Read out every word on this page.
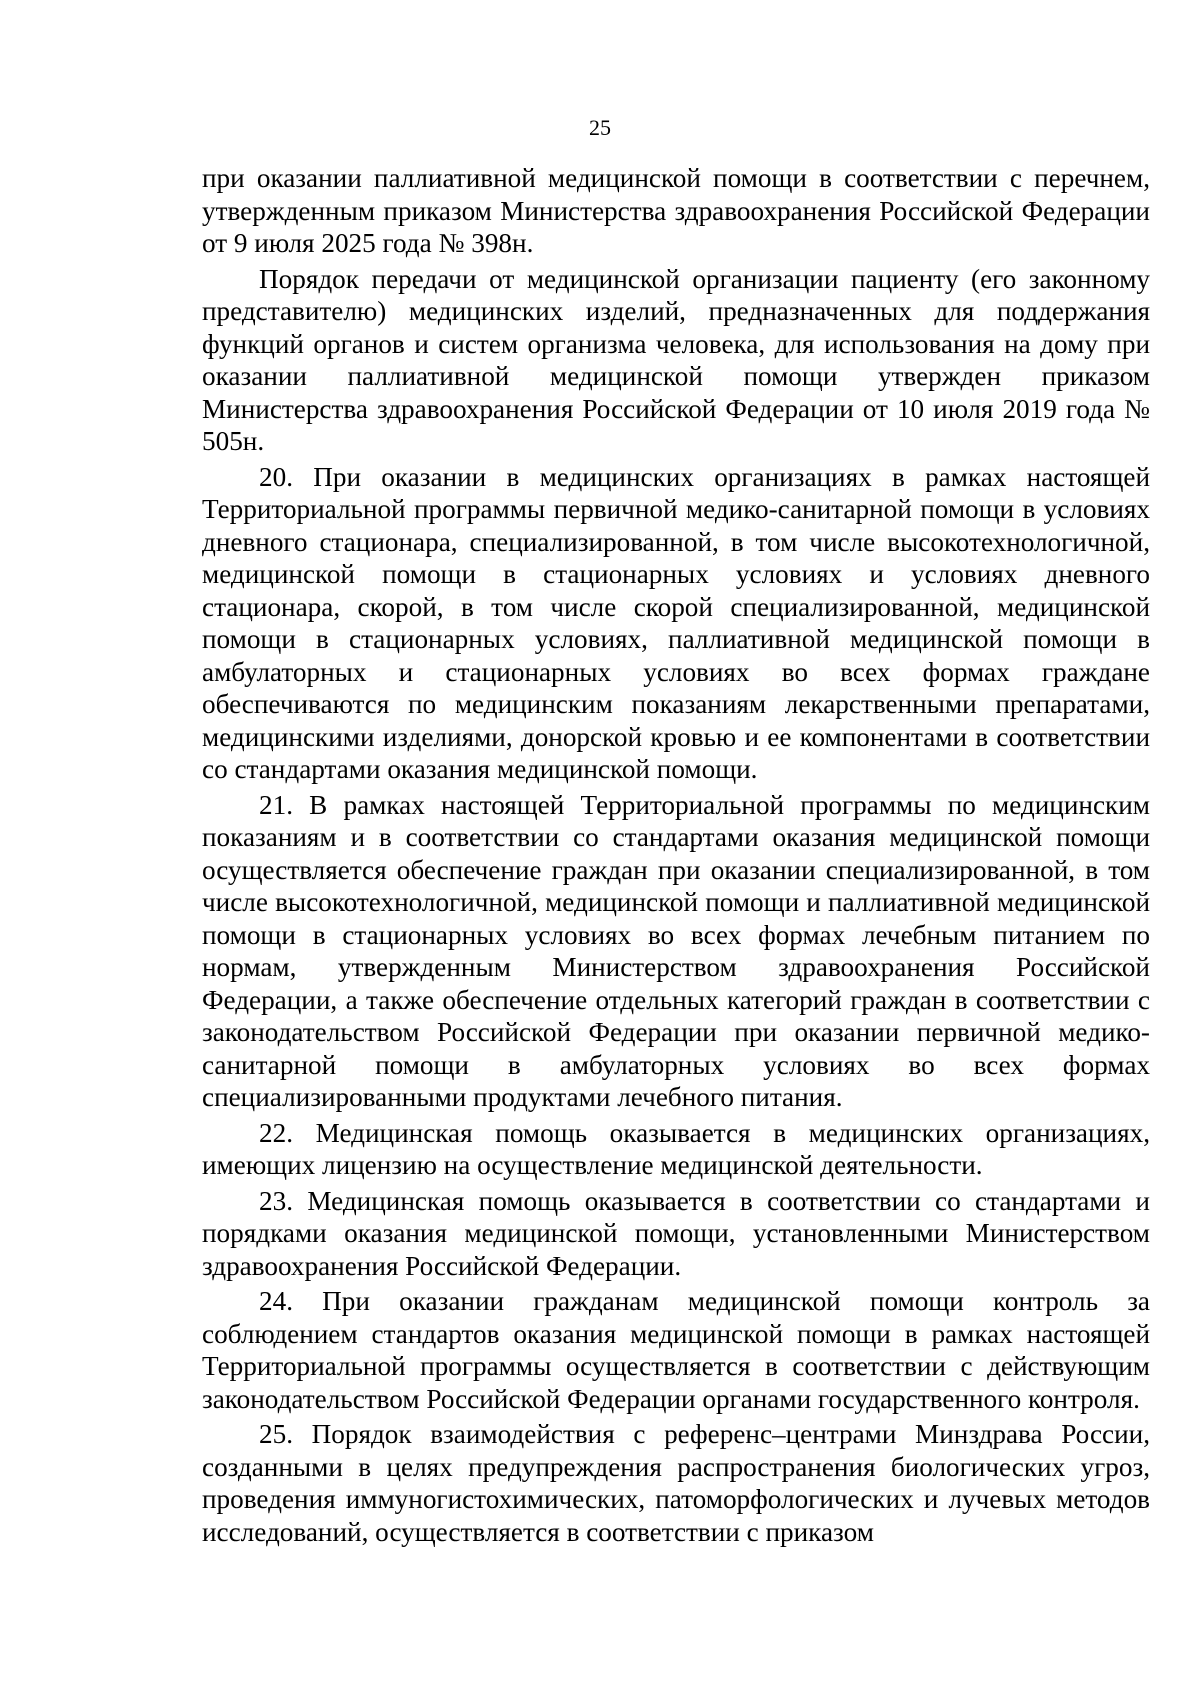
25

при оказании паллиативной медицинской помощи в соответствии с перечнем, утвержденным приказом Министерства здравоохранения Российской Федерации от 9 июля 2025 года № 398н.

Порядок передачи от медицинской организации пациенту (его законному представителю) медицинских изделий, предназначенных для поддержания функций органов и систем организма человека, для использования на дому при оказании паллиативной медицинской помощи утвержден приказом Министерства здравоохранения Российской Федерации от 10 июля 2019 года № 505н.

20. При оказании в медицинских организациях в рамках настоящей Территориальной программы первичной медико-санитарной помощи в условиях дневного стационара, специализированной, в том числе высокотехнологичной, медицинской помощи в стационарных условиях и условиях дневного стационара, скорой, в том числе скорой специализированной, медицинской помощи в стационарных условиях, паллиативной медицинской помощи в амбулаторных и стационарных условиях во всех формах граждане обеспечиваются по медицинским показаниям лекарственными препаратами, медицинскими изделиями, донорской кровью и ее компонентами в соответствии со стандартами оказания медицинской помощи.

21. В рамках настоящей Территориальной программы по медицинским показаниям и в соответствии со стандартами оказания медицинской помощи осуществляется обеспечение граждан при оказании специализированной, в том числе высокотехнологичной, медицинской помощи и паллиативной медицинской помощи в стационарных условиях во всех формах лечебным питанием по нормам, утвержденным Министерством здравоохранения Российской Федерации, а также обеспечение отдельных категорий граждан в соответствии с законодательством Российской Федерации при оказании первичной медико-санитарной помощи в амбулаторных условиях во всех формах специализированными продуктами лечебного питания.

22. Медицинская помощь оказывается в медицинских организациях, имеющих лицензию на осуществление медицинской деятельности.

23. Медицинская помощь оказывается в соответствии со стандартами и порядками оказания медицинской помощи, установленными Министерством здравоохранения Российской Федерации.

24. При оказании гражданам медицинской помощи контроль за соблюдением стандартов оказания медицинской помощи в рамках настоящей Территориальной программы осуществляется в соответствии с действующим законодательством Российской Федерации органами государственного контроля.

25. Порядок взаимодействия с референс–центрами Минздрава России, созданными в целях предупреждения распространения биологических угроз, проведения иммуногистохимических, патоморфологических и лучевых методов исследований, осуществляется в соответствии с приказом
